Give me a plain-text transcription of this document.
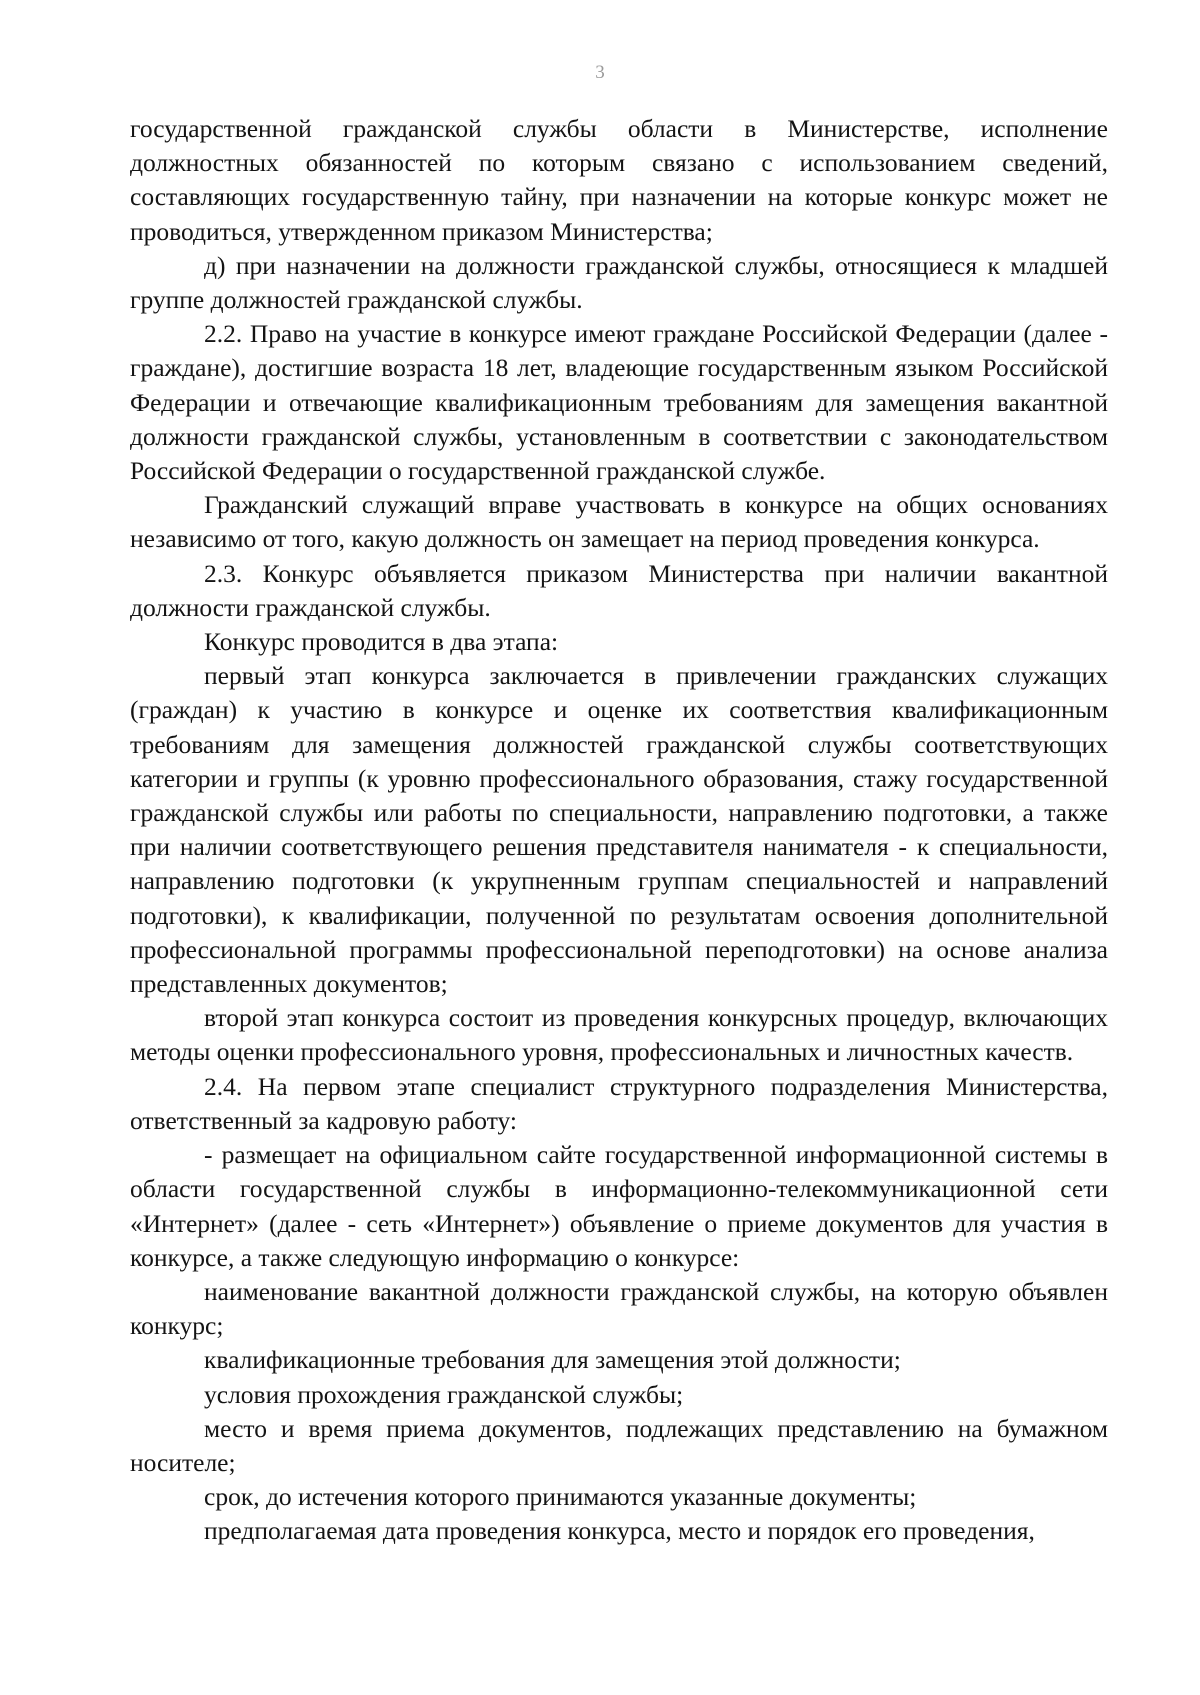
3

государственной гражданской службы области в Министерстве, исполнение должностных обязанностей по которым связано с использованием сведений, составляющих государственную тайну, при назначении на которые конкурс может не проводиться, утвержденном приказом Министерства;

д) при назначении на должности гражданской службы, относящиеся к младшей группе должностей гражданской службы.

2.2. Право на участие в конкурсе имеют граждане Российской Федерации (далее - граждане), достигшие возраста 18 лет, владеющие государственным языком Российской Федерации и отвечающие квалификационным требованиям для замещения вакантной должности гражданской службы, установленным в соответствии с законодательством Российской Федерации о государственной гражданской службе.

Гражданский служащий вправе участвовать в конкурсе на общих основаниях независимо от того, какую должность он замещает на период проведения конкурса.

2.3. Конкурс объявляется приказом Министерства при наличии вакантной должности гражданской службы.

Конкурс проводится в два этапа:

первый этап конкурса заключается в привлечении гражданских служащих (граждан) к участию в конкурсе и оценке их соответствия квалификационным требованиям для замещения должностей гражданской службы соответствующих категории и группы (к уровню профессионального образования, стажу государственной гражданской службы или работы по специальности, направлению подготовки, а также при наличии соответствующего решения представителя нанимателя - к специальности, направлению подготовки (к укрупненным группам специальностей и направлений подготовки), к квалификации, полученной по результатам освоения дополнительной профессиональной программы профессиональной переподготовки) на основе анализа представленных документов;

второй этап конкурса состоит из проведения конкурсных процедур, включающих методы оценки профессионального уровня, профессиональных и личностных качеств.

2.4. На первом этапе специалист структурного подразделения Министерства, ответственный за кадровую работу:

- размещает на официальном сайте государственной информационной системы в области государственной службы в информационно-телекоммуникационной сети «Интернет» (далее - сеть «Интернет») объявление о приеме документов для участия в конкурсе, а также следующую информацию о конкурсе:

наименование вакантной должности гражданской службы, на которую объявлен конкурс;

квалификационные требования для замещения этой должности;

условия прохождения гражданской службы;

место и время приема документов, подлежащих представлению на бумажном носителе;

срок, до истечения которого принимаются указанные документы;

предполагаемая дата проведения конкурса, место и порядок его проведения,
